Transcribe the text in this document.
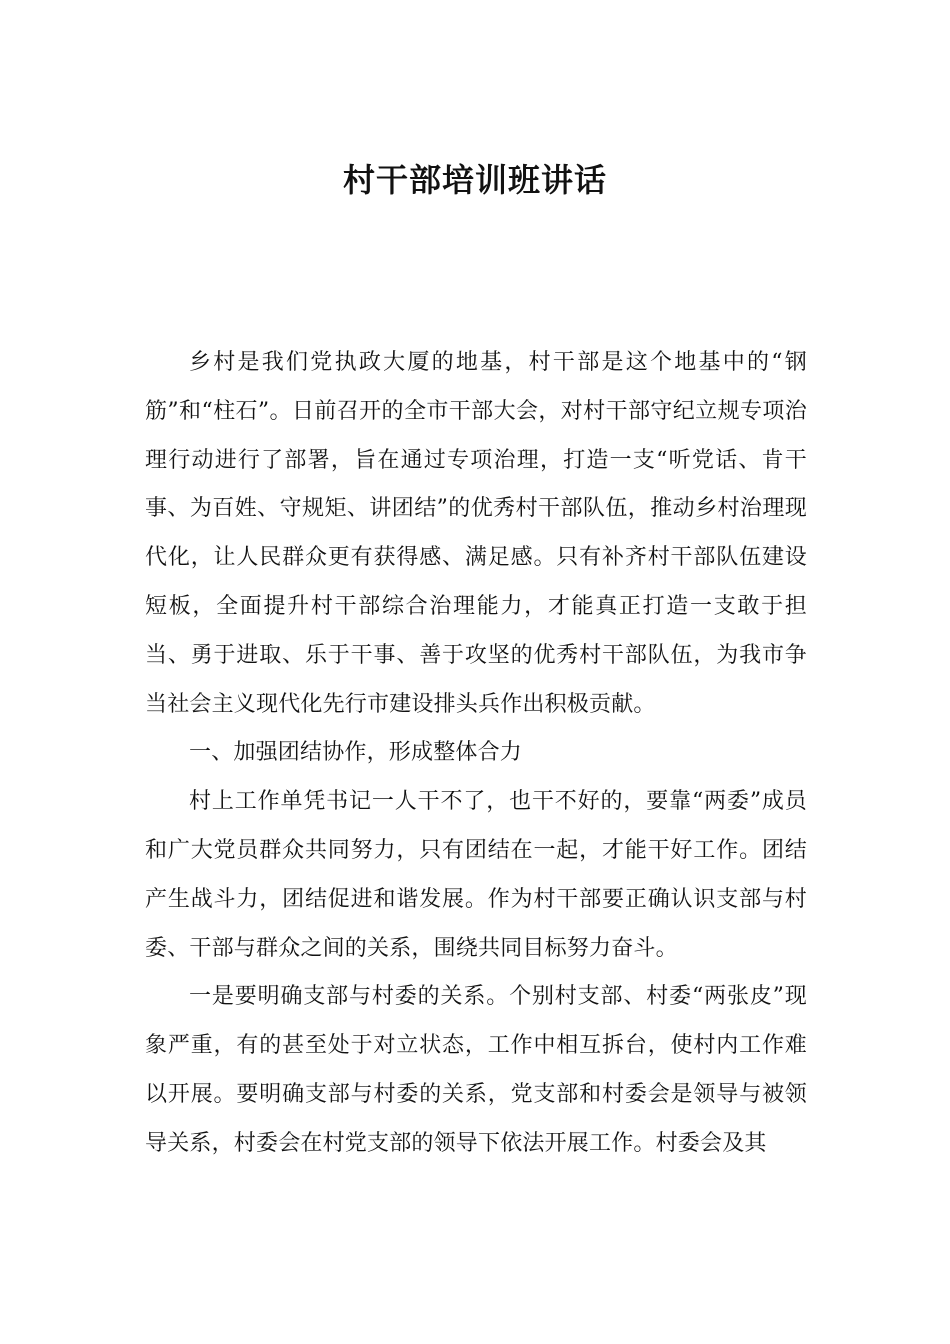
村干部培训班讲话

乡村是我们党执政大厦的地基，村干部是这个地基中的“钢筋”和“柱石”。日前召开的全市干部大会，对村干部守纪立规专项治理行动进行了部署，旨在通过专项治理，打造一支“听党话、肯干事、为百姓、守规矩、讲团结”的优秀村干部队伍，推动乡村治理现代化，让人民群众更有获得感、满足感。只有补齐村干部队伍建设短板，全面提升村干部综合治理能力，才能真正打造一支敢于担当、勇于进取、乐于干事、善于攻坚的优秀村干部队伍，为我市争当社会主义现代化先行市建设排头兵作出积极贡献。

一、加强团结协作，形成整体合力

村上工作单凭书记一人干不了，也干不好的，要靠“两委”成员和广大党员群众共同努力，只有团结在一起，才能干好工作。团结产生战斗力，团结促进和谐发展。作为村干部要正确认识支部与村委、干部与群众之间的关系，围绕共同目标努力奋斗。

一是要明确支部与村委的关系。个别村支部、村委“两张皮”现象严重，有的甚至处于对立状态，工作中相互拆台，使村内工作难以开展。要明确支部与村委的关系，党支部和村委会是领导与被领导关系，村委会在村党支部的领导下依法开展工作。村委会及其
